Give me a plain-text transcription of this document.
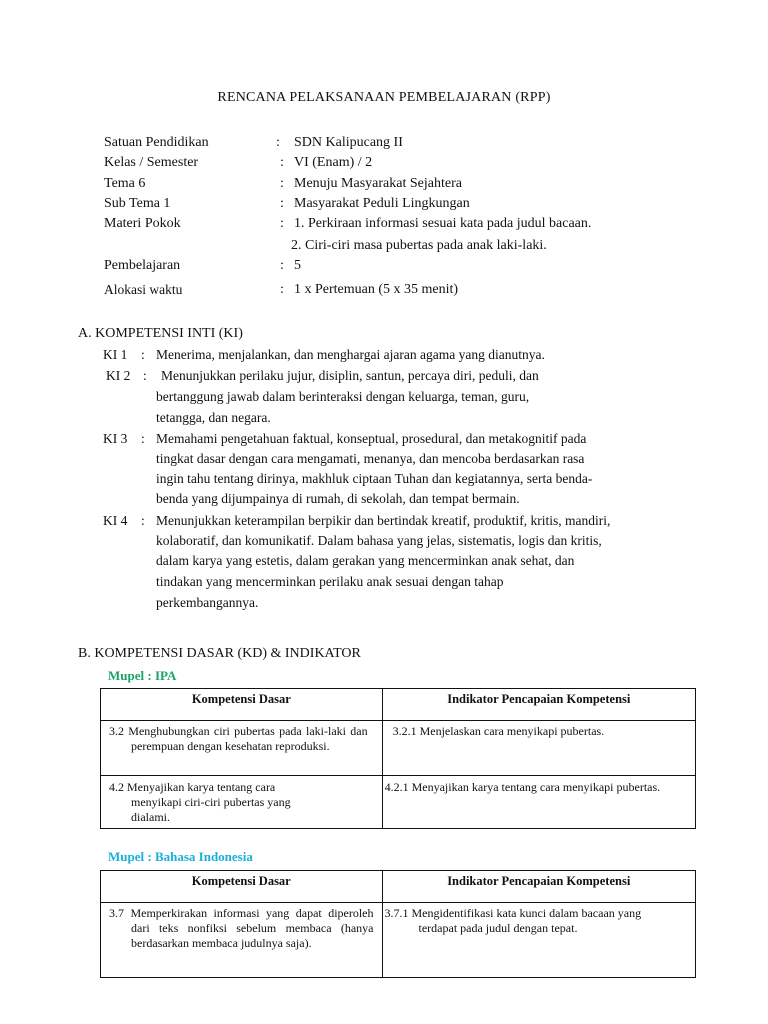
RENCANA PELAKSANAAN PEMBELAJARAN (RPP)
Satuan Pendidikan	: SDN Kalipucang II
Kelas / Semester	: VI (Enam) / 2
Tema 6	: Menuju Masyarakat Sejahtera
Sub Tema 1	: Masyarakat Peduli Lingkungan
Materi Pokok	: 1. Perkiraan informasi sesuai kata pada judul bacaan.
2. Ciri-ciri masa pubertas pada anak laki-laki.
Pembelajaran	: 5
Alokasi waktu	: 1 x Pertemuan (5 x 35 menit)
A. KOMPETENSI INTI (KI)
KI 1 : Menerima, menjalankan, dan menghargai ajaran agama yang dianutnya.
KI 2 : Menunjukkan perilaku jujur, disiplin, santun, percaya diri, peduli, dan
bertanggung jawab dalam berinteraksi dengan keluarga, teman, guru,
tetangga, dan negara.
KI 3 : Memahami pengetahuan faktual, konseptual, prosedural, dan metakognitif pada
tingkat dasar dengan cara mengamati, menanya, dan mencoba berdasarkan rasa
ingin tahu tentang dirinya, makhluk ciptaan Tuhan dan kegiatannya, serta benda-
benda yang dijumpainya di rumah, di sekolah, dan tempat bermain.
KI 4 : Menunjukkan keterampilan berpikir dan bertindak kreatif, produktif, kritis, mandiri,
kolaboratif, dan komunikatif. Dalam bahasa yang jelas, sistematis, logis dan kritis,
dalam karya yang estetis, dalam gerakan yang mencerminkan anak sehat, dan
tindakan yang mencerminkan perilaku anak sesuai dengan tahap
perkembangannya.
B. KOMPETENSI DASAR (KD) & INDIKATOR
Mupel : IPA
Kompetensi Dasar	Indikator Pencapaian Kompetensi

3.2 Menghubungkan ciri pubertas pada laki-laki dan perempuan dengan kesehatan reproduksi.	3.2.1 Menjelaskan cara menyikapi pubertas.

4.2 Menyajikan karya tentang cara menyikapi ciri-ciri pubertas yang dialami.	4.2.1 Menyajikan karya tentang cara menyikapi pubertas.
Mupel : Bahasa Indonesia
Kompetensi Dasar	Indikator Pencapaian Kompetensi

3.7 Memperkirakan informasi yang dapat diperoleh dari teks nonfiksi sebelum membaca (hanya berdasarkan membaca judulnya saja).	3.7.1 Mengidentifikasi kata kunci dalam bacaan yang terdapat pada judul dengan tepat.
